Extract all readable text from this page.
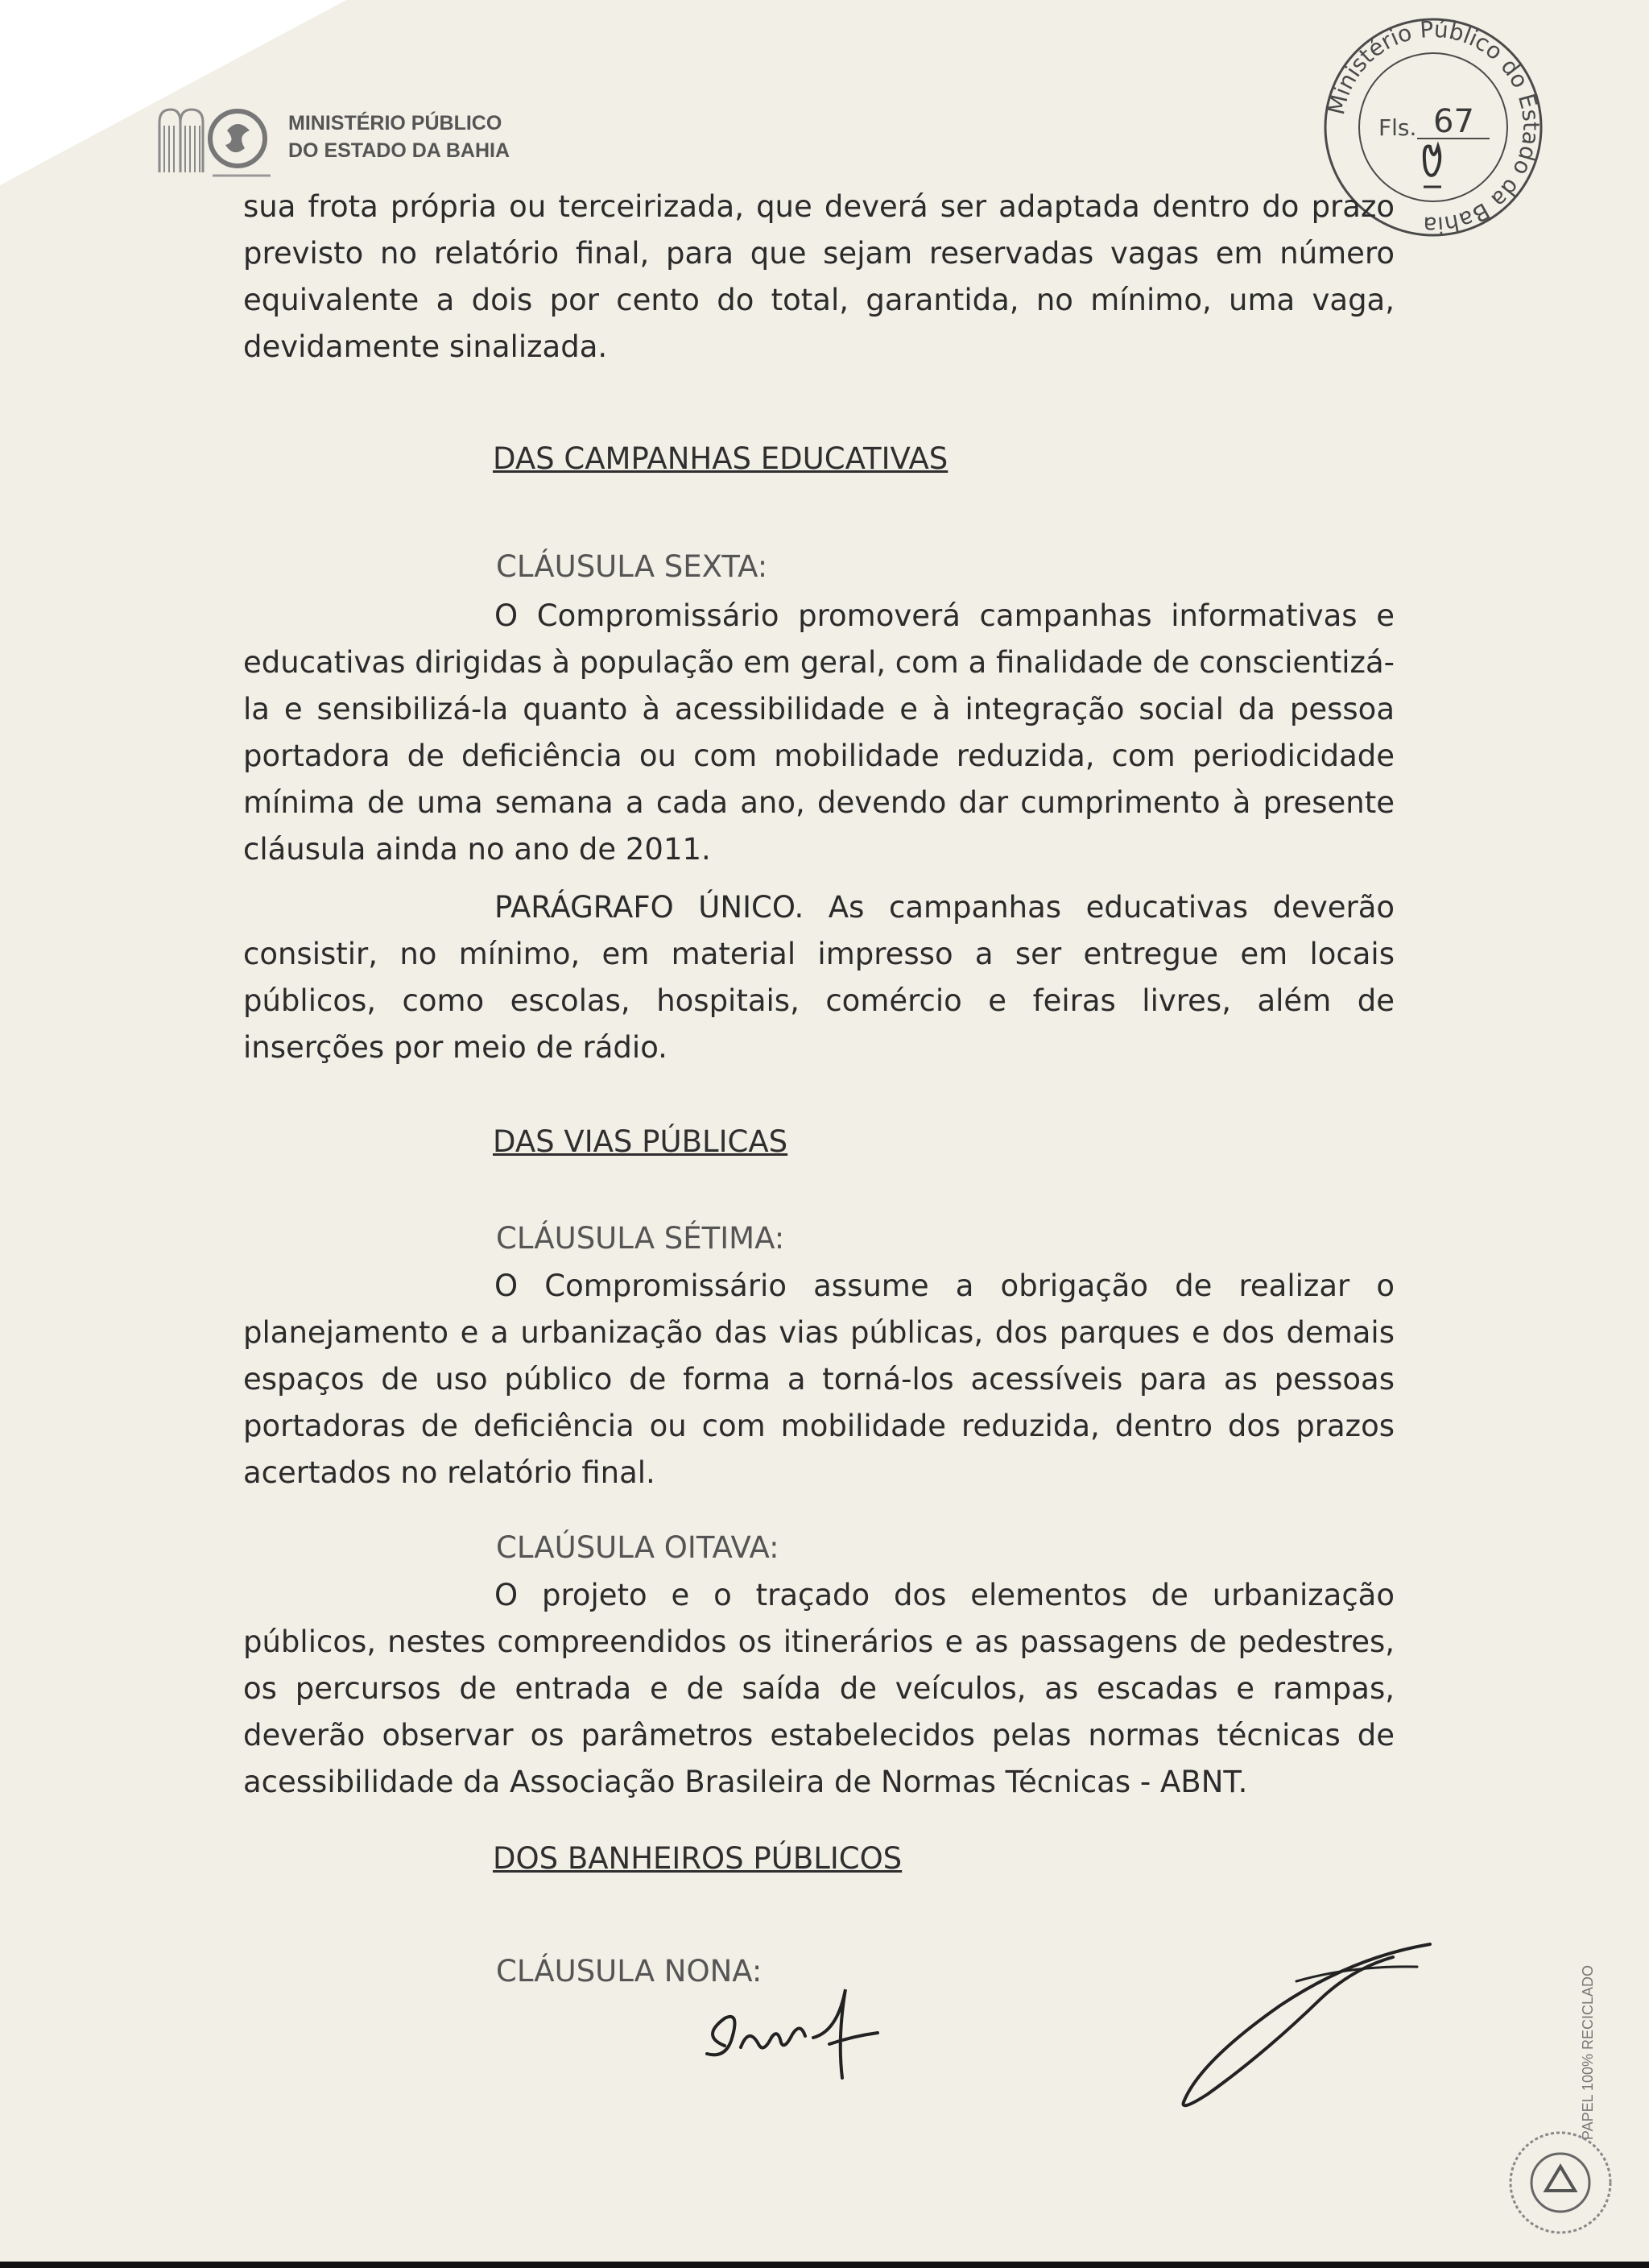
MINISTÉRIO PÚBLICO
DO ESTADO DA BAHIA
Ministério Público do Estado da Bahia
Fls. 67

sua frota própria ou terceirizada, que deverá ser adaptada dentro do prazo previsto no relatório final, para que sejam reservadas vagas em número equivalente a dois por cento do total, garantida, no mínimo, uma vaga, devidamente sinalizada.

DAS CAMPANHAS EDUCATIVAS
CLÁUSULA SEXTA:

O Compromissário promoverá campanhas informativas e educativas dirigidas à população em geral, com a finalidade de conscientizá-la e sensibilizá-la quanto à acessibilidade e à integração social da pessoa portadora de deficiência ou com mobilidade reduzida, com periodicidade mínima de uma semana a cada ano, devendo dar cumprimento à presente cláusula ainda no ano de 2011.

PARÁGRAFO ÚNICO. As campanhas educativas deverão consistir, no mínimo, em material impresso a ser entregue em locais públicos, como escolas, hospitais, comércio e feiras livres, além de inserções por meio de rádio.

DAS VIAS PÚBLICAS
CLÁUSULA SÉTIMA:

O Compromissário assume a obrigação de realizar o planejamento e a urbanização das vias públicas, dos parques e dos demais espaços de uso público de forma a torná-los acessíveis para as pessoas portadoras de deficiência ou com mobilidade reduzida, dentro dos prazos acertados no relatório final.

CLAÚSULA OITAVA:

O projeto e o traçado dos elementos de urbanização públicos, nestes compreendidos os itinerários e as passagens de pedestres, os percursos de entrada e de saída de veículos, as escadas e rampas, deverão observar os parâmetros estabelecidos pelas normas técnicas de acessibilidade da Associação Brasileira de Normas Técnicas - ABNT.

DOS BANHEIROS PÚBLICOS
CLÁUSULA NONA:	PAPEL 100% RECICLADO
